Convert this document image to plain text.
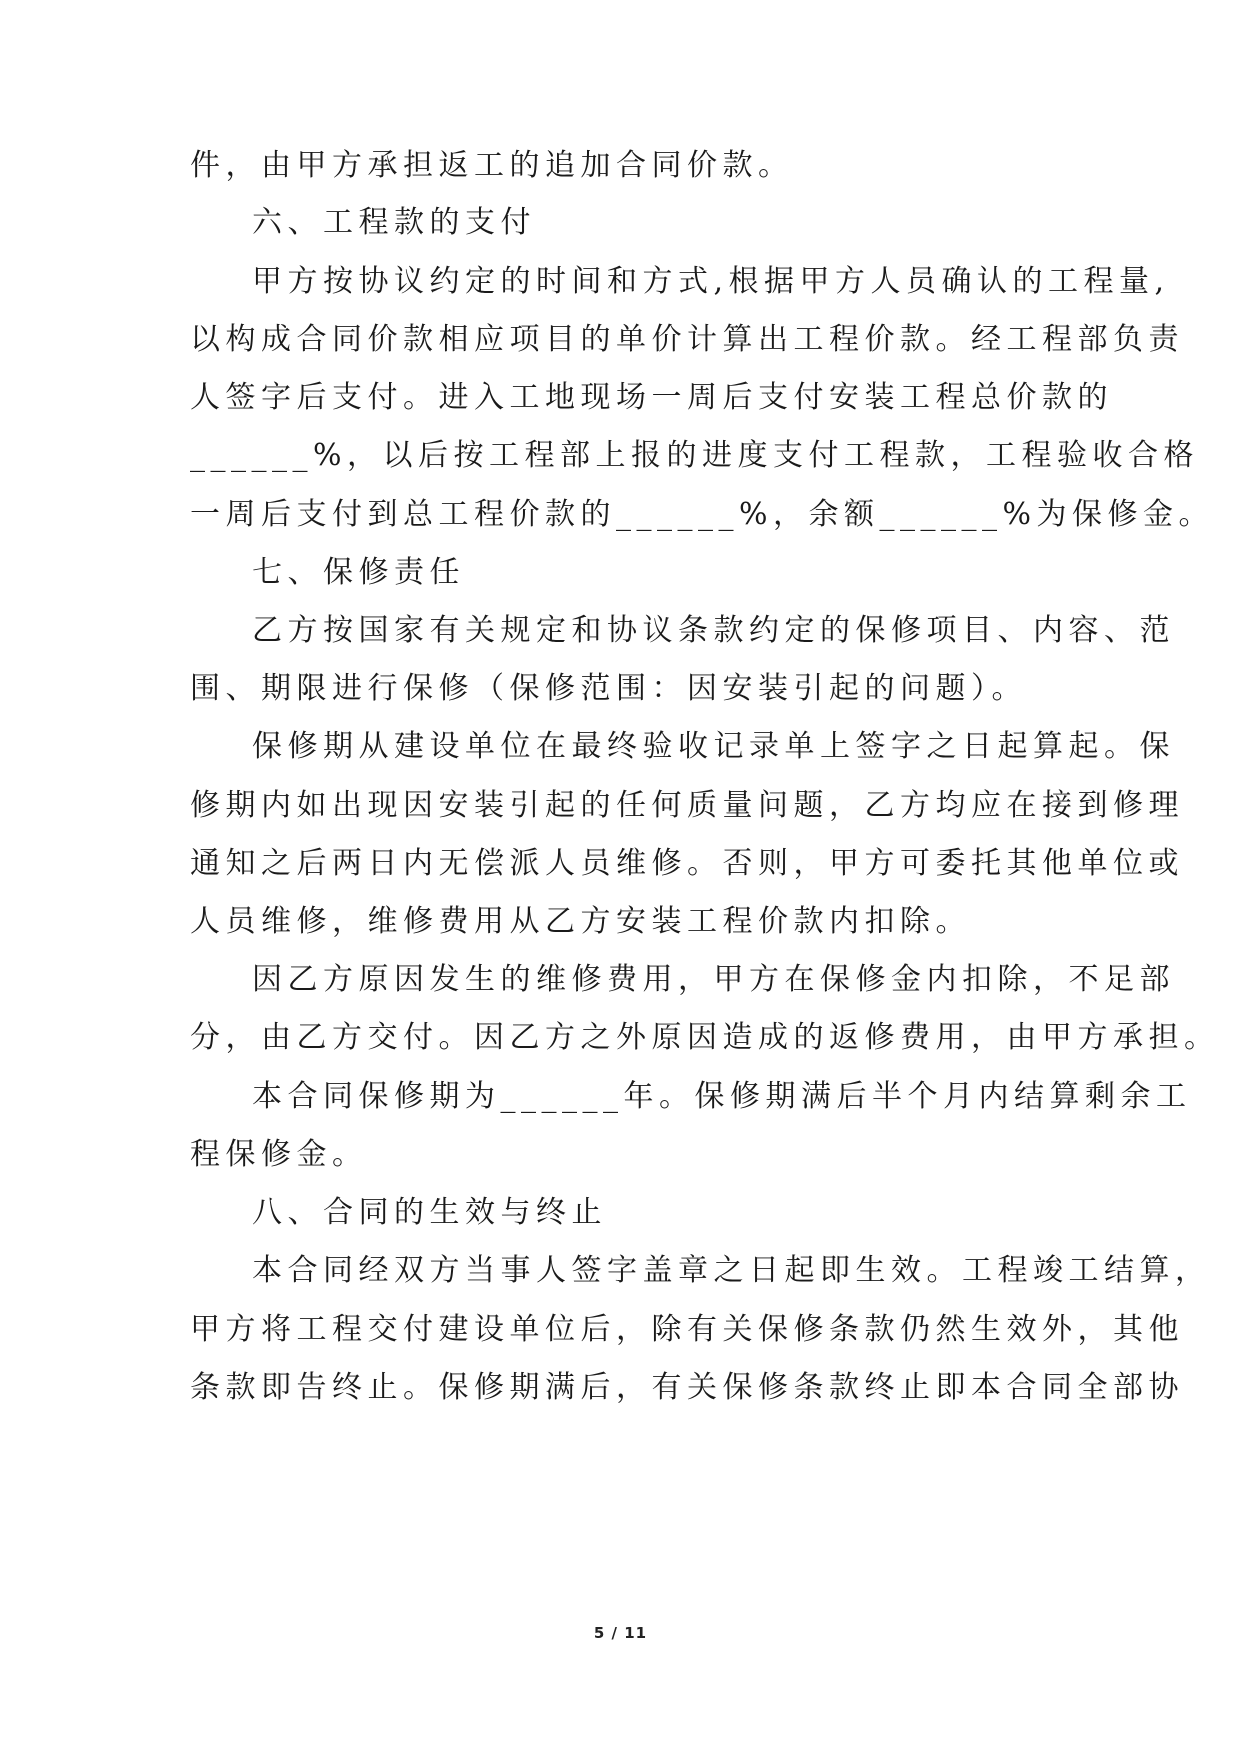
件，由甲方承担返工的追加合同价款。
六、工程款的支付
甲方按协议约定的时间和方式,根据甲方人员确认的工程量,
以构成合同价款相应项目的单价计算出工程价款。经工程部负责
人签字后支付。进入工地现场一周后支付安装工程总价款的
______%，以后按工程部上报的进度支付工程款，工程验收合格
一周后支付到总工程价款的______%，余额______%为保修金。
七、保修责任
乙方按国家有关规定和协议条款约定的保修项目、内容、范
围、期限进行保修（保修范围：因安装引起的问题）。
保修期从建设单位在最终验收记录单上签字之日起算起。保
修期内如出现因安装引起的任何质量问题，乙方均应在接到修理
通知之后两日内无偿派人员维修。否则，甲方可委托其他单位或
人员维修，维修费用从乙方安装工程价款内扣除。
因乙方原因发生的维修费用，甲方在保修金内扣除，不足部
分，由乙方交付。因乙方之外原因造成的返修费用，由甲方承担。
本合同保修期为______年。保修期满后半个月内结算剩余工
程保修金。
八、合同的生效与终止
本合同经双方当事人签字盖章之日起即生效。工程竣工结算，
甲方将工程交付建设单位后，除有关保修条款仍然生效外，其他
条款即告终止。保修期满后，有关保修条款终止即本合同全部协
5 / 11
